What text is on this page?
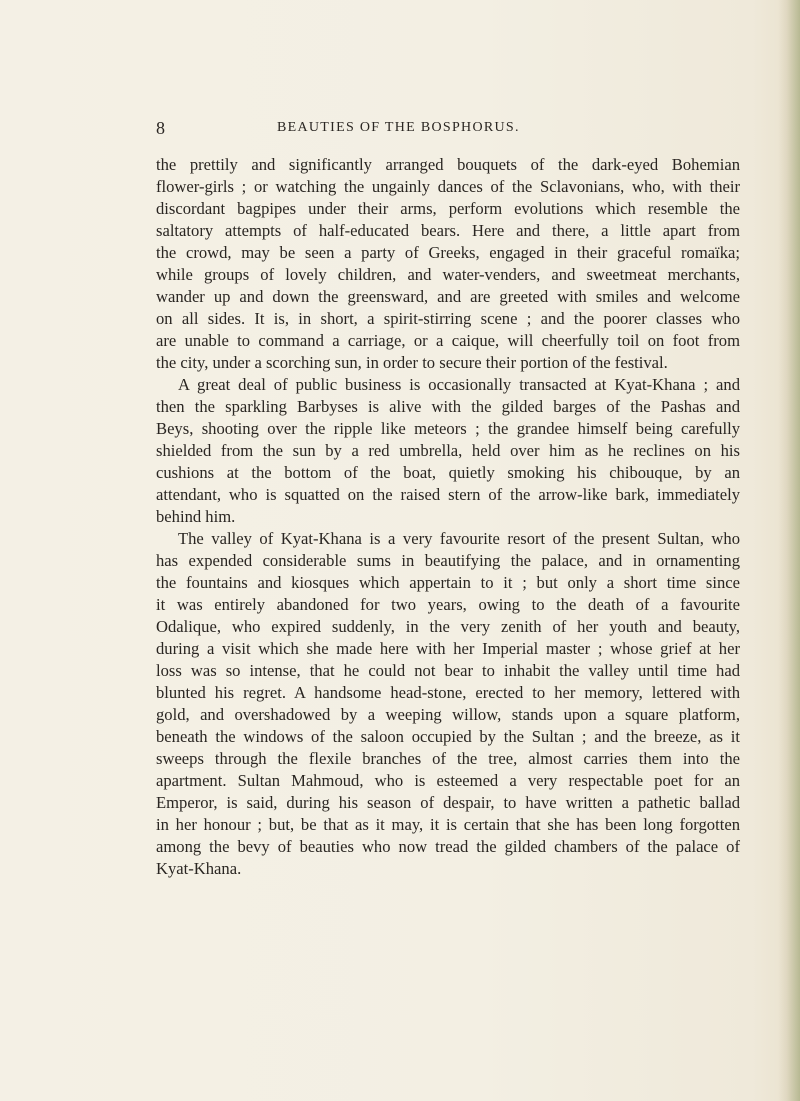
8	BEAUTIES OF THE BOSPHORUS.

the prettily and significantly arranged bouquets of the dark-eyed Bohemian
flower-girls ; or watching the ungainly dances of the Sclavonians, who, with their
discordant bagpipes under their arms, perform evolutions which resemble the
saltatory attempts of half-educated bears. Here and there, a little apart from
the crowd, may be seen a party of Greeks, engaged in their graceful romaïka;
while groups of lovely children, and water-venders, and sweetmeat merchants,
wander up and down the greensward, and are greeted with smiles and welcome
on all sides. It is, in short, a spirit-stirring scene ; and the poorer classes who
are unable to command a carriage, or a caique, will cheerfully toil on foot from
the city, under a scorching sun, in order to secure their portion of the festival.

A great deal of public business is occasionally transacted at Kyat-Khana ; and
then the sparkling Barbyses is alive with the gilded barges of the Pashas and
Beys, shooting over the ripple like meteors ; the grandee himself being carefully
shielded from the sun by a red umbrella, held over him as he reclines on his
cushions at the bottom of the boat, quietly smoking his chibouque, by an
attendant, who is squatted on the raised stern of the arrow-like bark, immediately
behind him.

The valley of Kyat-Khana is a very favourite resort of the present Sultan, who
has expended considerable sums in beautifying the palace, and in ornamenting
the fountains and kiosques which appertain to it ; but only a short time since
it was entirely abandoned for two years, owing to the death of a favourite
Odalique, who expired suddenly, in the very zenith of her youth and beauty,
during a visit which she made here with her Imperial master ; whose grief at her
loss was so intense, that he could not bear to inhabit the valley until time had
blunted his regret. A handsome head-stone, erected to her memory, lettered with
gold, and overshadowed by a weeping willow, stands upon a square platform,
beneath the windows of the saloon occupied by the Sultan ; and the breeze, as it
sweeps through the flexile branches of the tree, almost carries them into the
apartment. Sultan Mahmoud, who is esteemed a very respectable poet for an
Emperor, is said, during his season of despair, to have written a pathetic ballad
in her honour ; but, be that as it may, it is certain that she has been long forgotten
among the bevy of beauties who now tread the gilded chambers of the palace of
Kyat-Khana.
